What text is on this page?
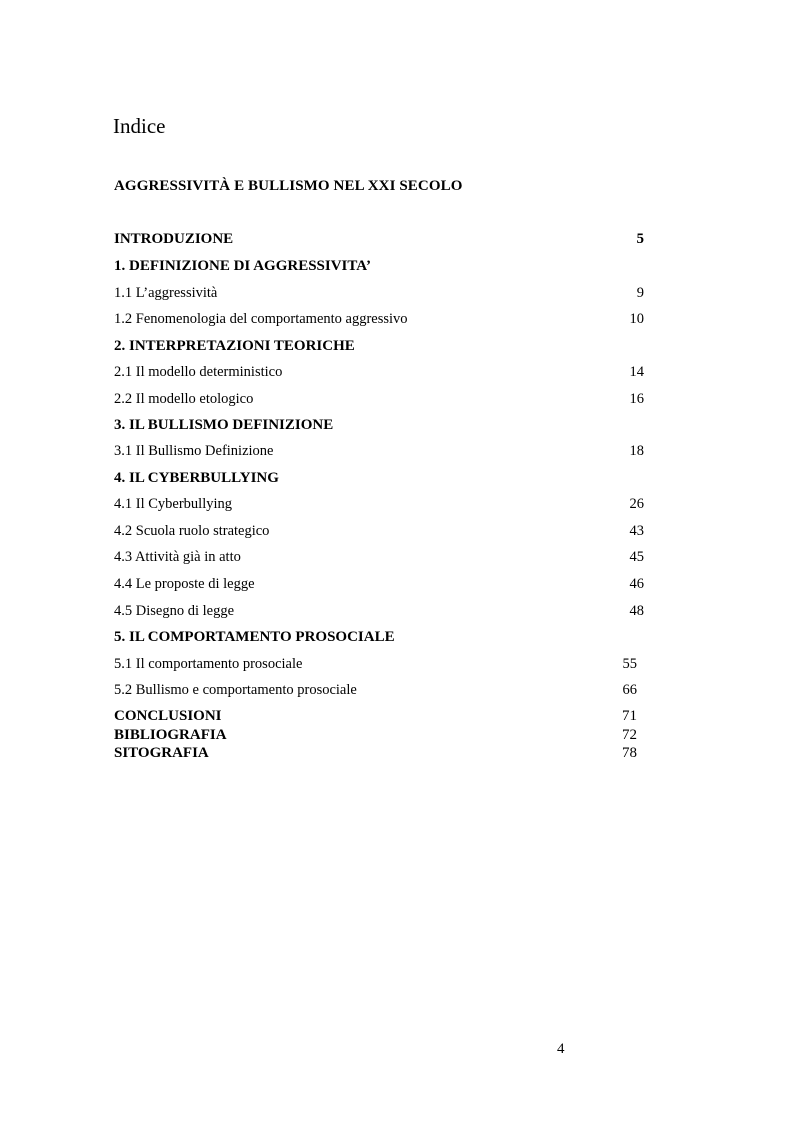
Indice
AGGRESSIVITÀ E BULLISMO NEL XXI SECOLO
INTRODUZIONE	5
1. DEFINIZIONE DI AGGRESSIVITA’
1.1 L’aggressività	9
1.2 Fenomenologia del comportamento aggressivo	10
2. INTERPRETAZIONI TEORICHE
2.1 Il modello deterministico	14
2.2 Il modello etologico	16
3. IL BULLISMO DEFINIZIONE
3.1 Il Bullismo Definizione	18
4. IL CYBERBULLYING
4.1 Il Cyberbullying	26
4.2 Scuola ruolo strategico	43
4.3 Attività già in atto	45
4.4 Le proposte di legge	46
4.5 Disegno di legge	48
5. IL COMPORTAMENTO PROSOCIALE
5.1 Il comportamento prosociale	55
5.2 Bullismo e comportamento prosociale	66
CONCLUSIONI	71
BIBLIOGRAFIA	72
SITOGRAFIA	78
4
